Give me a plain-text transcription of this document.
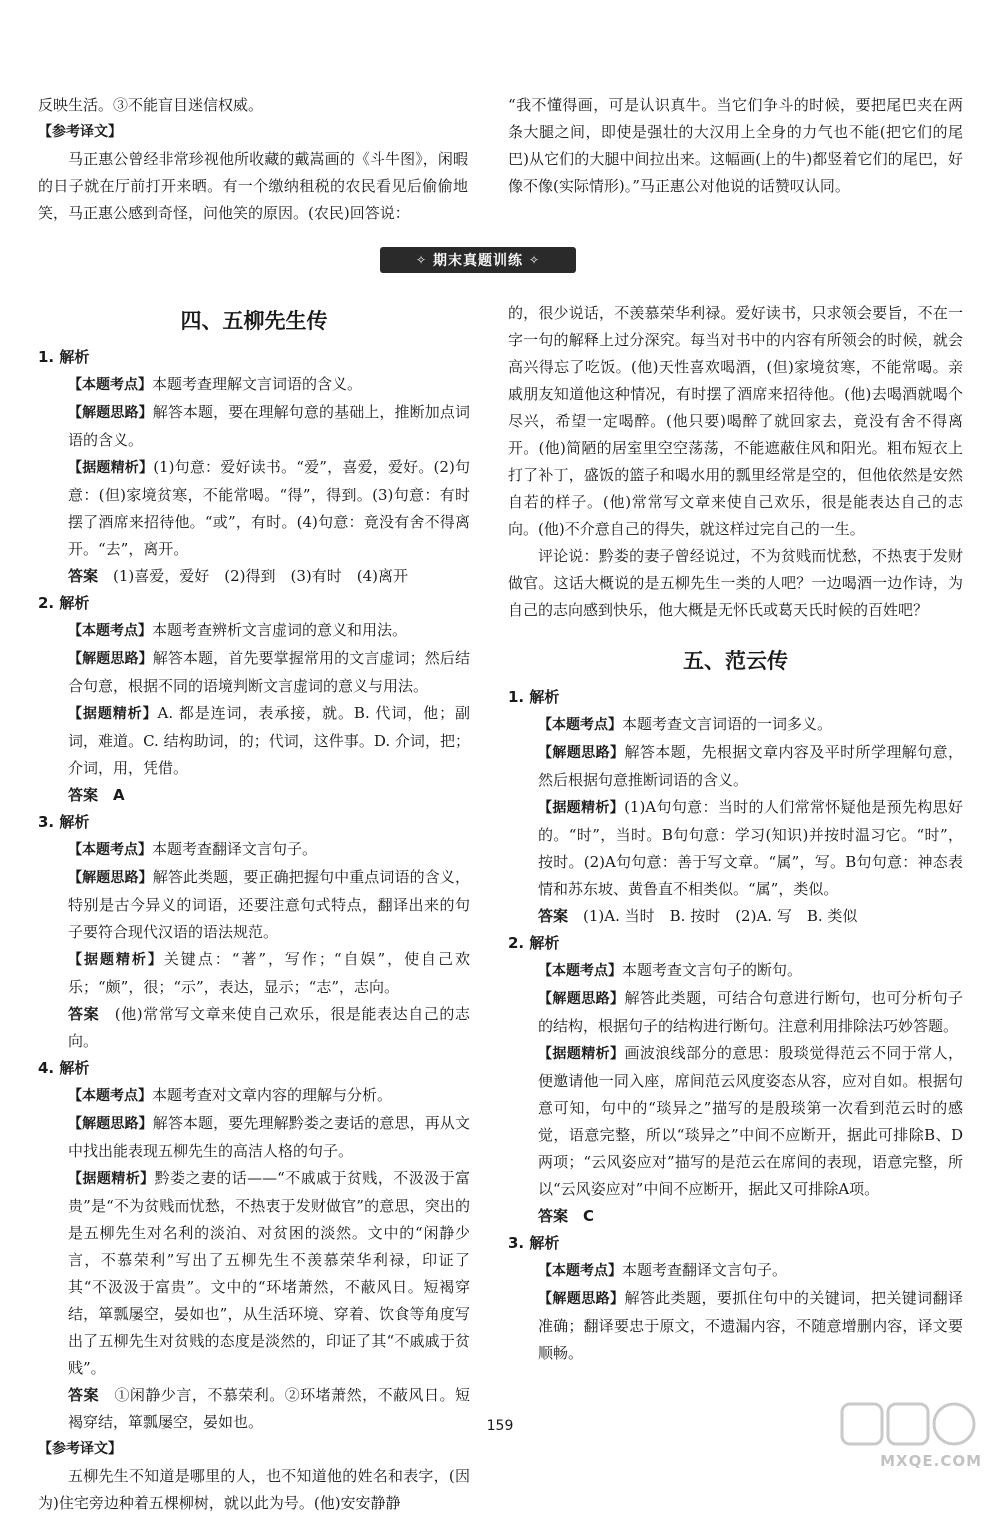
反映生活。③不能盲目迷信权威。

【参考译文】

马正惠公曾经非常珍视他所收藏的戴嵩画的《斗牛图》，闲暇的日子就在厅前打开来晒。有一个缴纳租税的农民看见后偷偷地笑，马正惠公感到奇怪，问他笑的原因。(农民)回答说：

“我不懂得画，可是认识真牛。当它们争斗的时候，要把尾巴夹在两条大腿之间，即使是强壮的大汉用上全身的力气也不能(把它们的尾巴)从它们的大腿中间拉出来。这幅画(上的牛)都竖着它们的尾巴，好像不像(实际情形)。”马正惠公对他说的话赞叹认同。

✧ 期末真题训练 ✧
四、五柳先生传
1. 解析

【本题考点】本题考查理解文言词语的含义。

【解题思路】解答本题，要在理解句意的基础上，推断加点词语的含义。

【据题精析】(1)句意：爱好读书。“爱”，喜爱，爱好。(2)句意：(但)家境贫寒，不能常喝。“得”，得到。(3)句意：有时摆了酒席来招待他。“或”，有时。(4)句意：竟没有舍不得离开。“去”，离开。

答案　 (1)喜爱，爱好　(2)得到　(3)有时　(4)离开

2. 解析

【本题考点】本题考查辨析文言虚词的意义和用法。

【解题思路】解答本题，首先要掌握常用的文言虚词；然后结合句意，根据不同的语境判断文言虚词的意义与用法。

【据题精析】A. 都是连词，表承接，就。B. 代词，他；副词，难道。C. 结构助词，的；代词，这件事。D. 介词，把；介词，用，凭借。

答案　 A

3. 解析

【本题考点】本题考查翻译文言句子。

【解题思路】解答此类题，要正确把握句中重点词语的含义，特别是古今异义的词语，还要注意句式特点，翻译出来的句子要符合现代汉语的语法规范。

【据题精析】关键点：“著”，写作；“自娱”，使自己欢乐；“颇”，很；“示”，表达，显示；“志”，志向。

答案　 (他)常常写文章来使自己欢乐，很是能表达自己的志向。

4. 解析

【本题考点】本题考查对文章内容的理解与分析。

【解题思路】解答本题，要先理解黔娄之妻话的意思，再从文中找出能表现五柳先生的高洁人格的句子。

【据题精析】黔娄之妻的话——“不戚戚于贫贱，不汲汲于富贵”是“不为贫贱而忧愁，不热衷于发财做官”的意思，突出的是五柳先生对名利的淡泊、对贫困的淡然。文中的“闲静少言，不慕荣利”写出了五柳先生不羡慕荣华利禄，印证了其“不汲汲于富贵”。文中的“环堵萧然，不蔽风日。短褐穿结，箪瓢屡空，晏如也”，从生活环境、穿着、饮食等角度写出了五柳先生对贫贱的态度是淡然的，印证了其“不戚戚于贫贱”。

答案　 ①闲静少言，不慕荣利。②环堵萧然，不蔽风日。短褐穿结，箪瓢屡空，晏如也。

【参考译文】

五柳先生不知道是哪里的人，也不知道他的姓名和表字，(因为)住宅旁边种着五棵柳树，就以此为号。(他)安安静静

的，很少说话，不羡慕荣华利禄。爱好读书，只求领会要旨，不在一字一句的解释上过分深究。每当对书中的内容有所领会的时候，就会高兴得忘了吃饭。(他)天性喜欢喝酒，(但)家境贫寒，不能常喝。亲戚朋友知道他这种情况，有时摆了酒席来招待他。(他)去喝酒就喝个尽兴，希望一定喝醉。(他只要)喝醉了就回家去，竟没有舍不得离开。(他)简陋的居室里空空荡荡，不能遮蔽住风和阳光。粗布短衣上打了补丁，盛饭的篮子和喝水用的瓢里经常是空的，但他依然是安然自若的样子。(他)常常写文章来使自己欢乐，很是能表达自己的志向。(他)不介意自己的得失，就这样过完自己的一生。

评论说：黔娄的妻子曾经说过，不为贫贱而忧愁，不热衷于发财做官。这话大概说的是五柳先生一类的人吧？一边喝酒一边作诗，为自己的志向感到快乐，他大概是无怀氏或葛天氏时候的百姓吧？

五、范云传
1. 解析

【本题考点】本题考查文言词语的一词多义。

【解题思路】解答本题，先根据文章内容及平时所学理解句意，然后根据句意推断词语的含义。

【据题精析】(1)A句句意：当时的人们常常怀疑他是预先构思好的。“时”，当时。B句句意：学习(知识)并按时温习它。“时”，按时。(2)A句句意：善于写文章。“属”，写。B句句意：神态表情和苏东坡、黄鲁直不相类似。“属”，类似。

答案　 (1)A. 当时　B. 按时　(2)A. 写　B. 类似

2. 解析

【本题考点】本题考查文言句子的断句。

【解题思路】解答此类题，可结合句意进行断句，也可分析句子的结构，根据句子的结构进行断句。注意利用排除法巧妙答题。

【据题精析】画波浪线部分的意思：殷琰觉得范云不同于常人，便邀请他一同入座，席间范云风度姿态从容，应对自如。根据句意可知，句中的“琰异之”描写的是殷琰第一次看到范云时的感觉，语意完整，所以“琰异之”中间不应断开，据此可排除B、D两项；“云风姿应对”描写的是范云在席间的表现，语意完整，所以“云风姿应对”中间不应断开，据此又可排除A项。

答案　 C

3. 解析

【本题考点】本题考查翻译文言句子。

【解题思路】解答此类题，要抓住句中的关键词，把关键词翻译准确；翻译要忠于原文，不遗漏内容，不随意增删内容，译文要顺畅。

159
MXQE.COM
